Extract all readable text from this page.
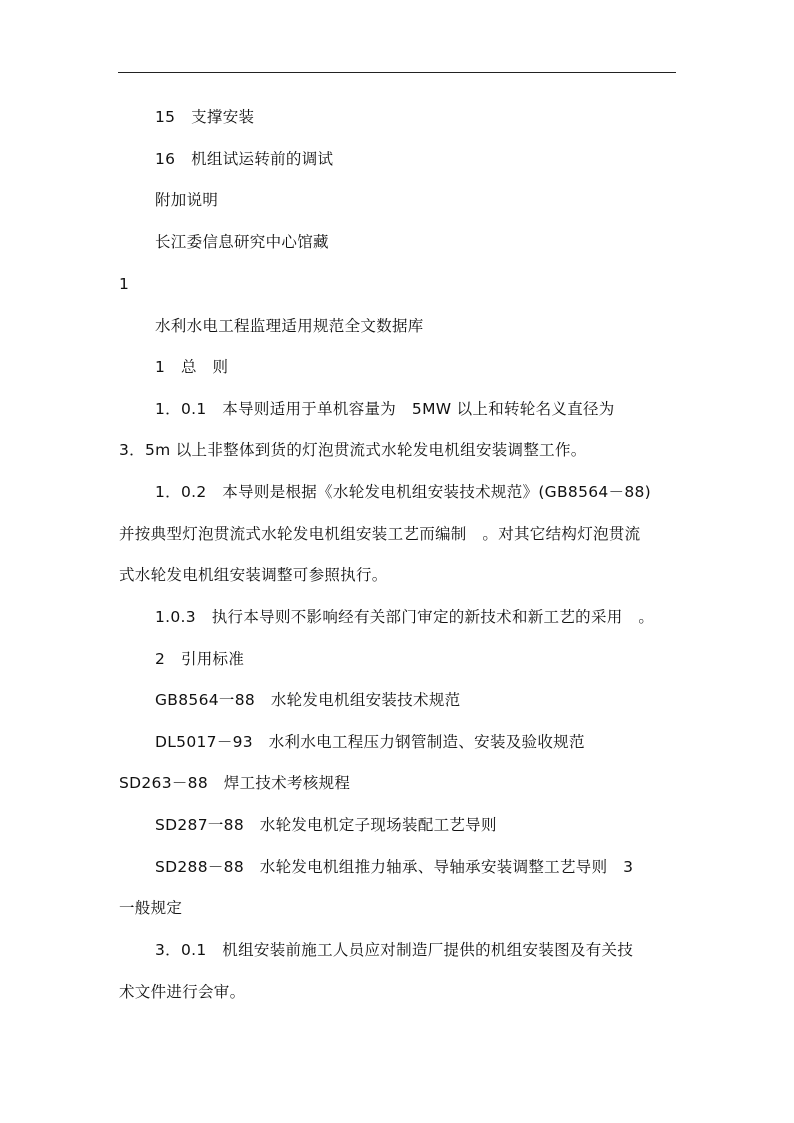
15　支撑安装
16　机组试运转前的调试
附加说明
长江委信息研究中心馆藏
1
水利水电工程监理适用规范全文数据库
1　总　则
1．0.1　本导则适用于单机容量为　5MW 以上和转轮名义直径为
3．5m 以上非整体到货的灯泡贯流式水轮发电机组安装调整工作。
1．0.2　本导则是根据《水轮发电机组安装技术规范》(GB8564－88)
并按典型灯泡贯流式水轮发电机组安装工艺而编制　。对其它结构灯泡贯流
式水轮发电机组安装调整可参照执行。
1.0.3　执行本导则不影响经有关部门审定的新技术和新工艺的采用　。
2　引用标准
GB8564一88　水轮发电机组安装技术规范
DL5017－93　水利水电工程压力钢管制造、安装及验收规范
SD263－88　焊工技术考核规程
SD287一88　水轮发电机定子现场装配工艺导则
SD288－88　水轮发电机组推力轴承、导轴承安装调整工艺导则　3
一般规定
3．0.1　机组安装前施工人员应对制造厂提供的机组安装图及有关技
术文件进行会审。
